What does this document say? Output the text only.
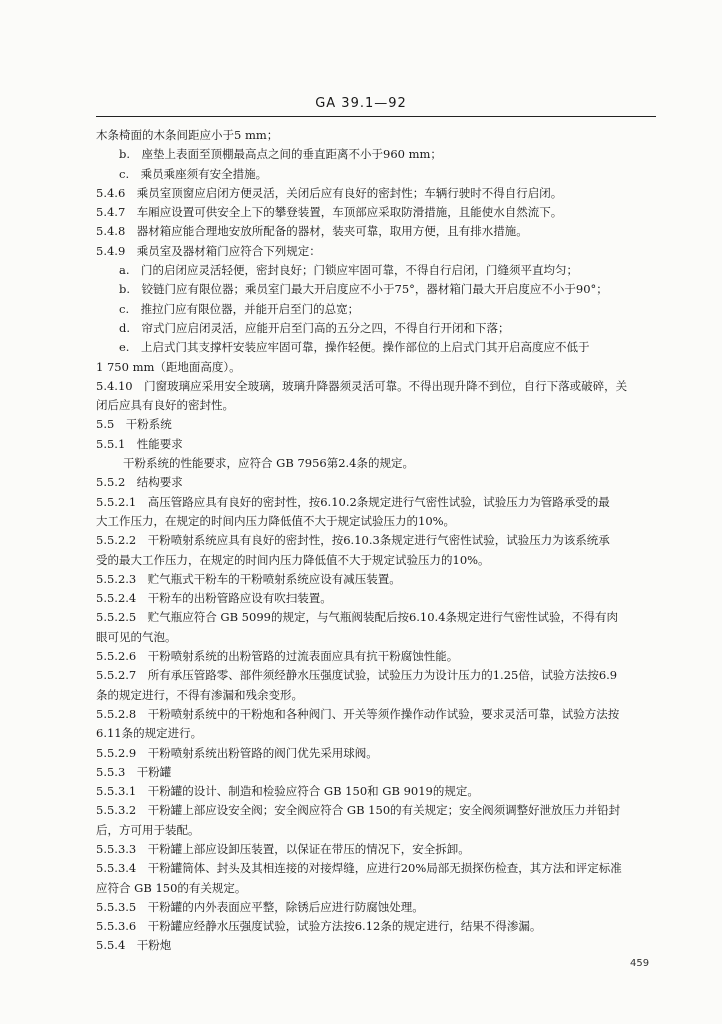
GA 39.1—92
木条椅面的木条间距应小于5 mm；
b.　座垫上表面至顶棚最高点之间的垂直距离不小于960 mm；
c.　乘员乘座须有安全措施。
5.4.6　乘员室顶窗应启闭方便灵活，关闭后应有良好的密封性；车辆行驶时不得自行启闭。
5.4.7　车厢应设置可供安全上下的攀登装置，车顶部应采取防滑措施，且能使水自然流下。
5.4.8　器材箱应能合理地安放所配备的器材，装夹可靠，取用方便，且有排水措施。
5.4.9　乘员室及器材箱门应符合下列规定：
a.　门的启闭应灵活轻便，密封良好；门锁应牢固可靠，不得自行启闭，门缝须平直均匀；
b.　铰链门应有限位器；乘员室门最大开启度应不小于75°，器材箱门最大开启度应不小于90°；
c.　推拉门应有限位器，并能开启至门的总宽；
d.　帘式门应启闭灵活，应能开启至门高的五分之四，不得自行开闭和下落；
e.　上启式门其支撑杆安装应牢固可靠，操作轻便。操作部位的上启式门其开启高度应不低于
1 750 mm（距地面高度）。
5.4.10　门窗玻璃应采用安全玻璃，玻璃升降器须灵活可靠。不得出现升降不到位，自行下落或破碎，关
闭后应具有良好的密封性。
5.5　干粉系统
5.5.1　性能要求
干粉系统的性能要求，应符合 GB 7956第2.4条的规定。
5.5.2　结构要求
5.5.2.1　高压管路应具有良好的密封性，按6.10.2条规定进行气密性试验，试验压力为管路承受的最
大工作压力，在规定的时间内压力降低值不大于规定试验压力的10%。
5.5.2.2　干粉喷射系统应具有良好的密封性，按6.10.3条规定进行气密性试验，试验压力为该系统承
受的最大工作压力，在规定的时间内压力降低值不大于规定试验压力的10%。
5.5.2.3　贮气瓶式干粉车的干粉喷射系统应设有减压装置。
5.5.2.4　干粉车的出粉管路应设有吹扫装置。
5.5.2.5　贮气瓶应符合 GB 5099的规定，与气瓶阀装配后按6.10.4条规定进行气密性试验，不得有肉
眼可见的气泡。
5.5.2.6　干粉喷射系统的出粉管路的过流表面应具有抗干粉腐蚀性能。
5.5.2.7　所有承压管路零、部件须经静水压强度试验，试验压力为设计压力的1.25倍，试验方法按6.9
条的规定进行，不得有渗漏和残余变形。
5.5.2.8　干粉喷射系统中的干粉炮和各种阀门、开关等须作操作动作试验，要求灵活可靠，试验方法按
6.11条的规定进行。
5.5.2.9　干粉喷射系统出粉管路的阀门优先采用球阀。
5.5.3　干粉罐
5.5.3.1　干粉罐的设计、制造和检验应符合 GB 150和 GB 9019的规定。
5.5.3.2　干粉罐上部应设安全阀；安全阀应符合 GB 150的有关规定；安全阀须调整好泄放压力并铅封
后，方可用于装配。
5.5.3.3　干粉罐上部应设卸压装置，以保证在带压的情况下，安全拆卸。
5.5.3.4　干粉罐筒体、封头及其相连接的对接焊缝，应进行20%局部无损探伤检查，其方法和评定标准
应符合 GB 150的有关规定。
5.5.3.5　干粉罐的内外表面应平整，除锈后应进行防腐蚀处理。
5.5.3.6　干粉罐应经静水压强度试验，试验方法按6.12条的规定进行，结果不得渗漏。
5.5.4　干粉炮
459
